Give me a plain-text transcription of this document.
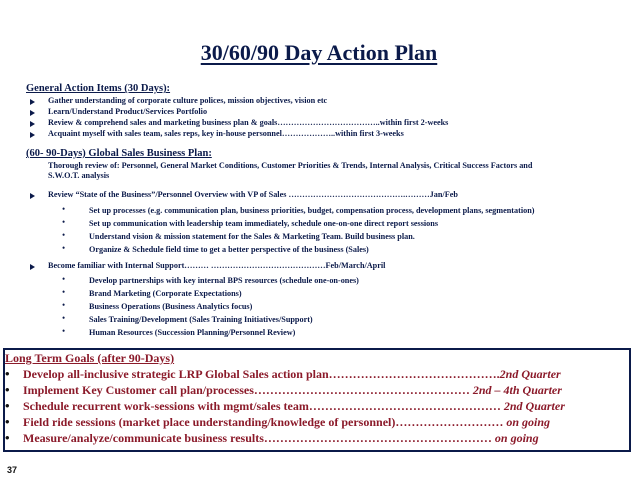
30/60/90 Day Action Plan
General Action Items (30 Days):
Gather understanding of corporate culture polices, mission objectives, vision etc
Learn/Understand Product/Services Portfolio
Review & comprehend sales and marketing business plan & goals………………………………..within first 2-weeks
Acquaint myself with sales team, sales reps, key in-house personnel………………..within first 3-weeks
(60- 90-Days) Global Sales Business Plan:
Thorough review of: Personnel, General Market Conditions, Customer Priorities & Trends, Internal Analysis, Critical Success Factors and
S.W.O.T. analysis
Review “State of the Business”/Personnel Overview with VP of Sales …………………………………….………Jan/Feb
•	Set up processes (e.g. communication plan, business priorities, budget, compensation process, development plans, segmentation)
•	Set up communication with leadership team immediately, schedule one-on-one direct report sessions
•	Understand vision & mission statement for the Sales & Marketing Team. Build business plan.
•	Organize & Schedule field time to get a better perspective of the business (Sales)
Become familiar with Internal Support……… ……………………………………Feb/March/April
•	Develop partnerships with key internal BPS resources (schedule one-on-ones)
•	Brand Marketing (Corporate Expectations)
•	Business Operations (Business Analytics focus)
•	Sales Training/Development (Sales Training Initiatives/Support)
•	Human Resources (Succession Planning/Personnel Review)
Long Term Goals (after 90-Days)
• Develop all-inclusive strategic LRP Global Sales action plan…………………………………….2nd Quarter
• Implement Key Customer call plan/processes……………………………………………… 2nd – 4th Quarter
• Schedule recurrent work-sessions with mgmt/sales team………………………………………… 2nd Quarter
• Field ride sessions (market place understanding/knowledge of personnel)……………………… on going
• Measure/analyze/communicate business results………………………………………………… on going
37
